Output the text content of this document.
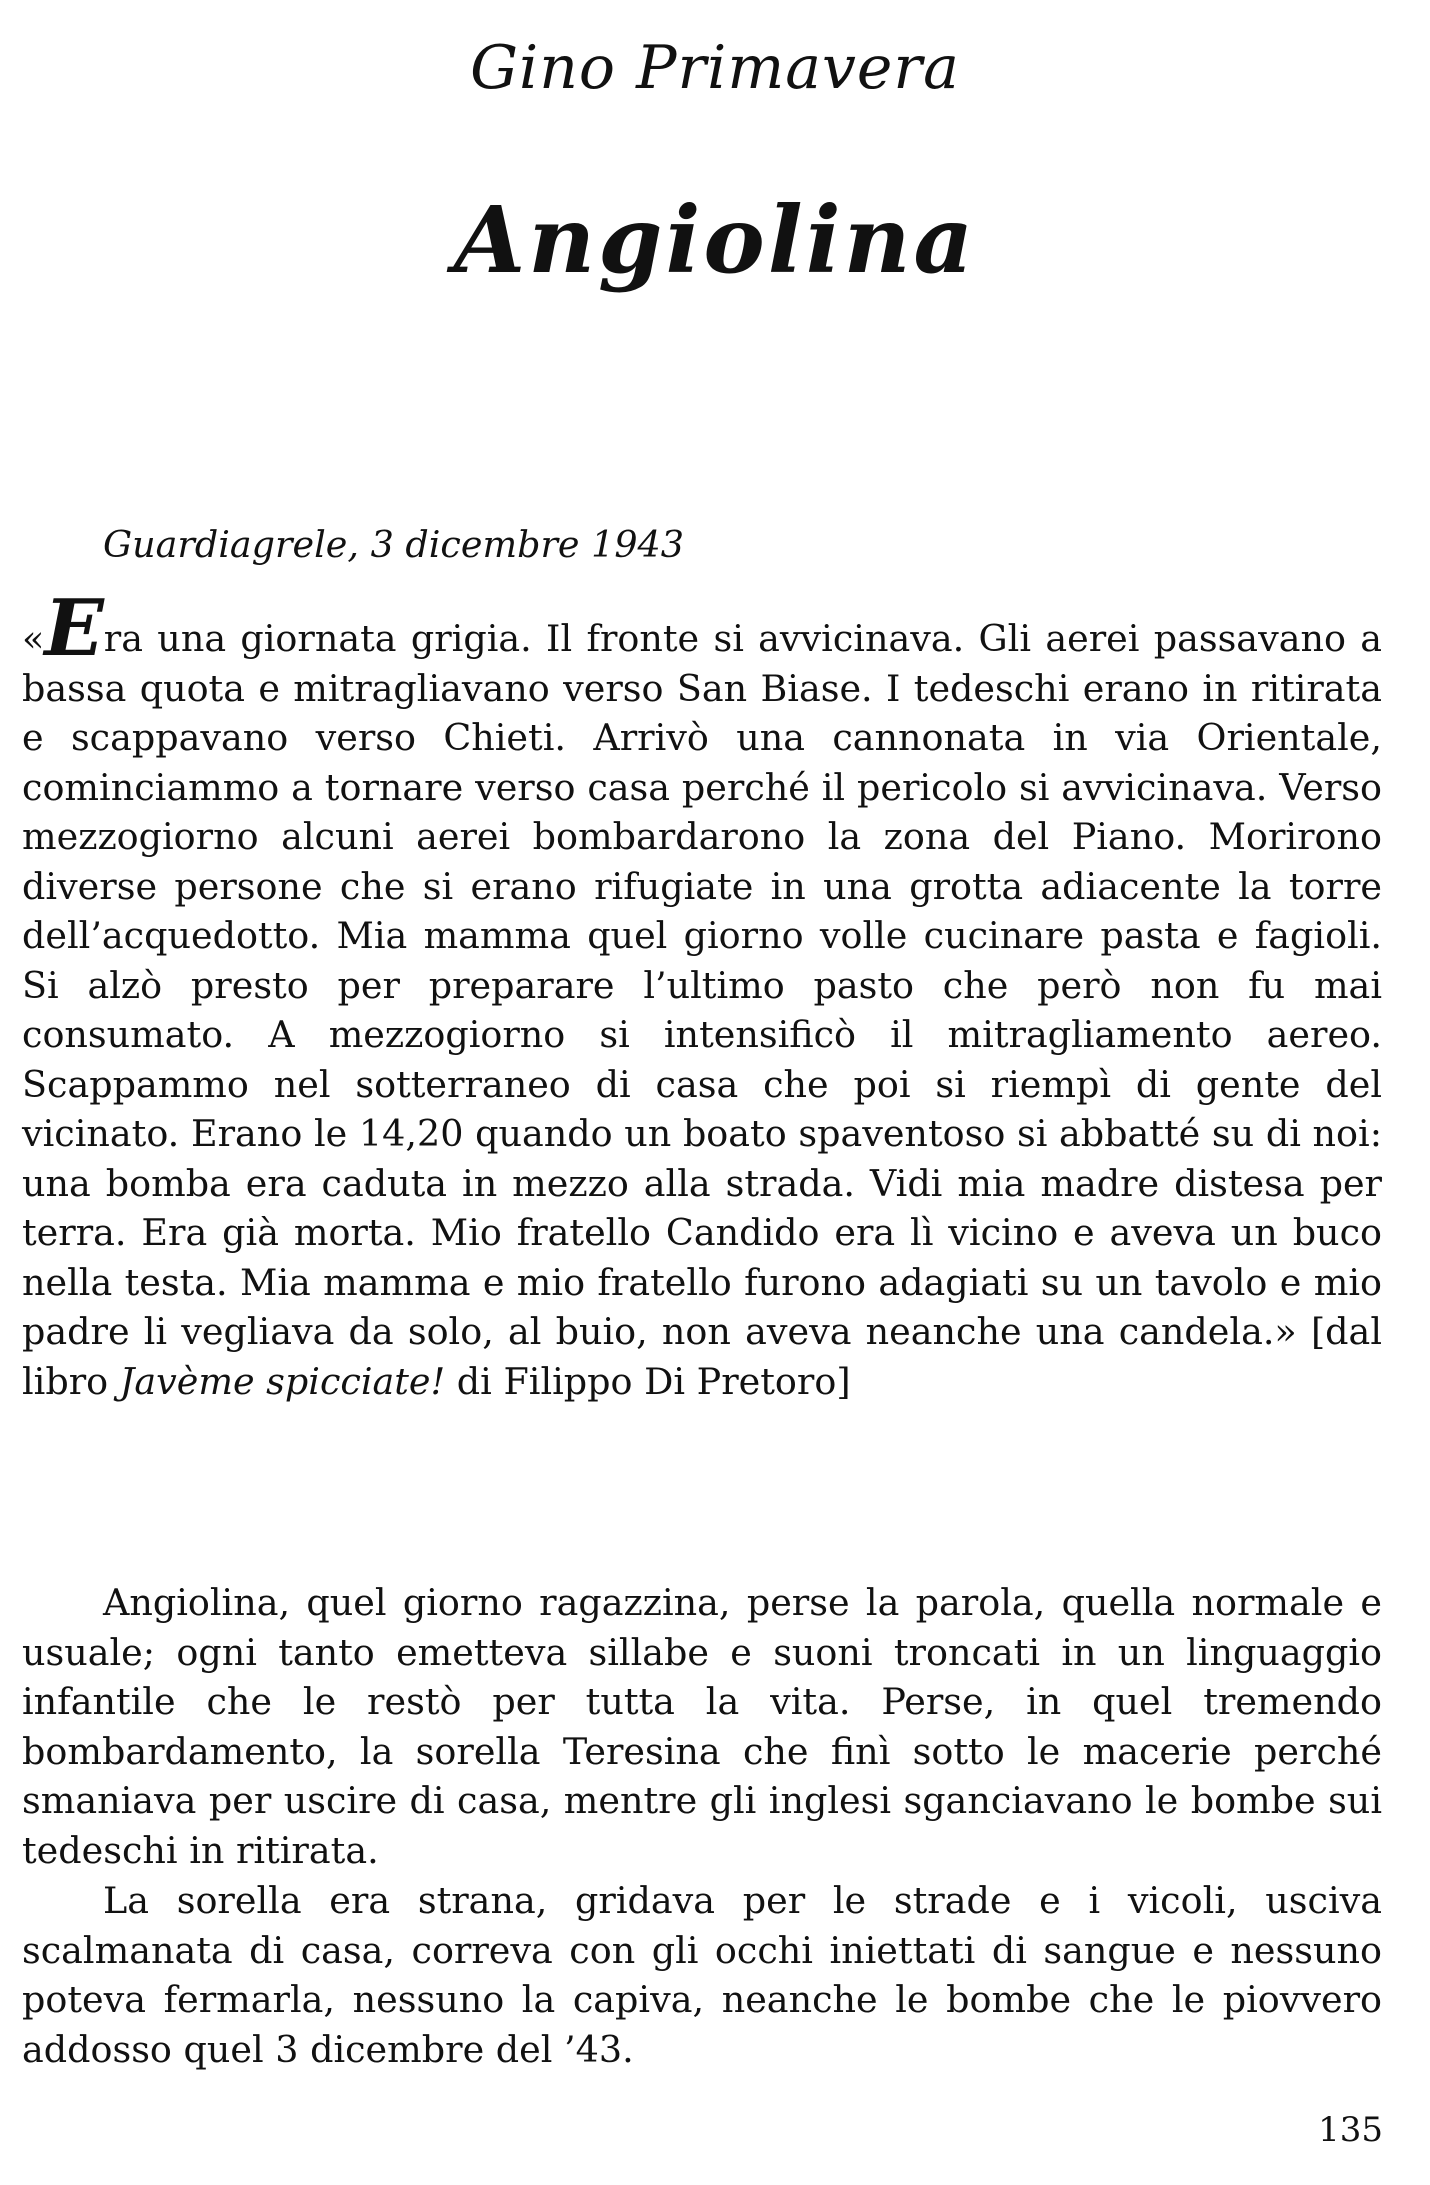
Gino Primavera
Angiolina
Guardiagrele, 3 dicembre 1943
«Era una giornata grigia. Il fronte si avvicinava. Gli aerei passavano a bassa quota e mitragliavano verso San Biase. I tedeschi erano in ritirata e scappavano verso Chieti. Arrivò una cannonata in via Orientale, cominciammo a tornare verso casa perché il pericolo si avvicinava. Verso mezzogiorno alcuni aerei bombardarono la zona del Piano. Morirono diverse persone che si erano rifugiate in una grotta adiacente la torre dell’acquedotto. Mia mamma quel giorno volle cucinare pasta e fagioli. Si alzò presto per preparare l’ultimo pasto che però non fu mai consumato. A mezzogiorno si intensificò il mitragliamento aereo. Scappammo nel sotterraneo di casa che poi si riempì di gente del vicinato. Erano le 14,20 quando un boato spaventoso si abbatté su di noi: una bomba era caduta in mezzo alla strada. Vidi mia madre distesa per terra. Era già morta. Mio fratello Candido era lì vicino e aveva un buco nella testa. Mia mamma e mio fratello furono adagiati su un tavolo e mio padre li vegliava da solo, al buio, non aveva neanche una candela.» [dal libro Javème spicciate! di Filippo Di Pretoro]
Angiolina, quel giorno ragazzina, perse la parola, quella normale e usuale; ogni tanto emetteva sillabe e suoni troncati in un linguaggio infantile che le restò per tutta la vita. Perse, in quel tremendo bombardamento, la sorella Teresina che finì sotto le macerie perché smaniava per uscire di casa, mentre gli inglesi sganciavano le bombe sui tedeschi in ritirata.
La sorella era strana, gridava per le strade e i vicoli, usciva scalmanata di casa, correva con gli occhi iniettati di sangue e nessuno poteva fermarla, nessuno la capiva, neanche le bombe che le piovvero addosso quel 3 dicembre del ’43.
135
